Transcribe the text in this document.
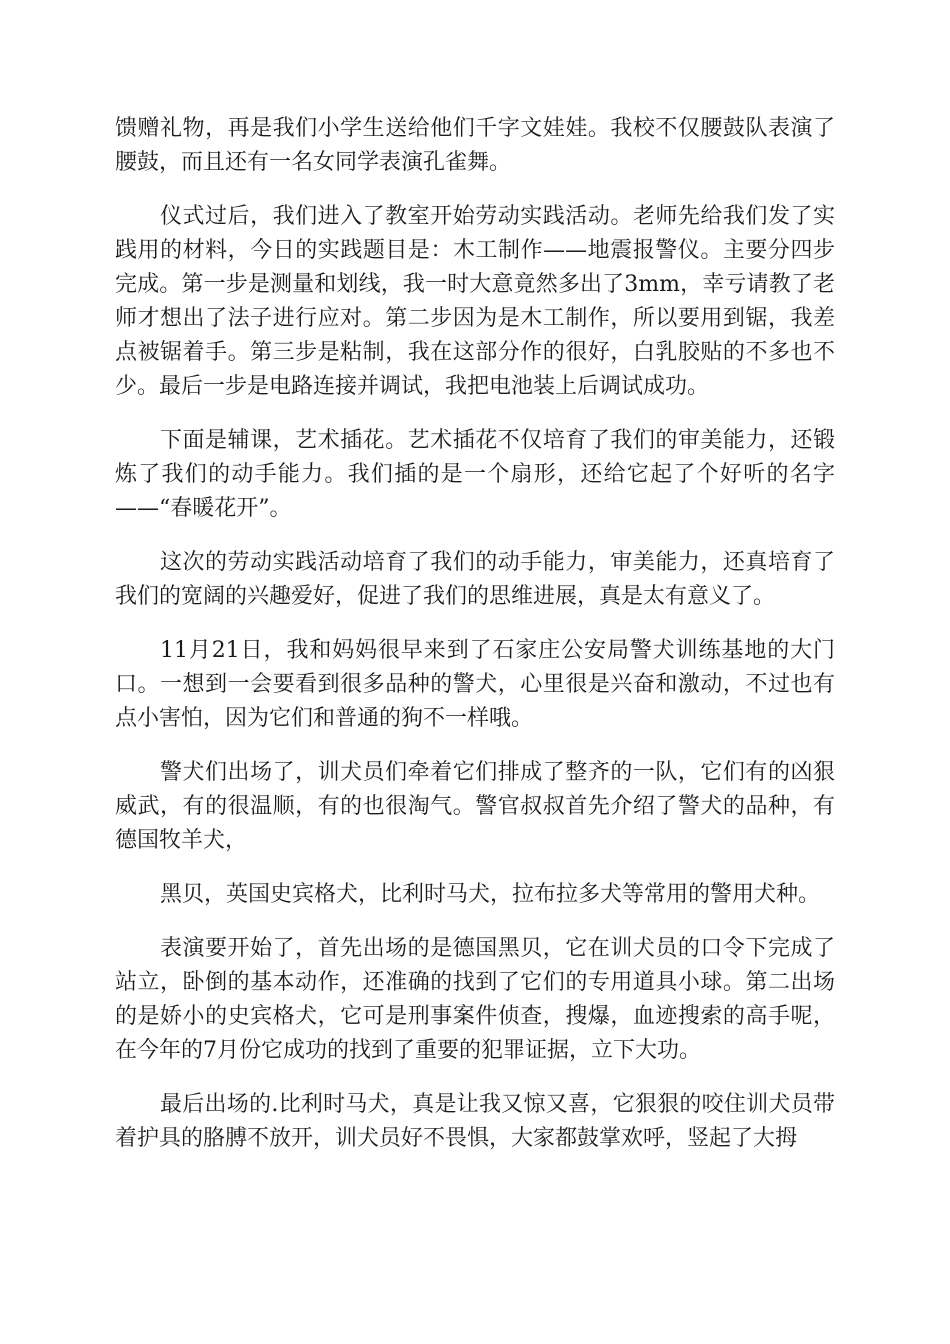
馈赠礼物，再是我们小学生送给他们千字文娃娃。我校不仅腰鼓队表演了腰鼓，而且还有一名女同学表演孔雀舞。

仪式过后，我们进入了教室开始劳动实践活动。老师先给我们发了实践用的材料，今日的实践题目是：木工制作——地震报警仪。主要分四步完成。第一步是测量和划线，我一时大意竟然多出了3mm，幸亏请教了老师才想出了法子进行应对。第二步因为是木工制作，所以要用到锯，我差点被锯着手。第三步是粘制，我在这部分作的很好，白乳胶贴的不多也不少。最后一步是电路连接并调试，我把电池装上后调试成功。

下面是辅课，艺术插花。艺术插花不仅培育了我们的审美能力，还锻炼了我们的动手能力。我们插的是一个扇形，还给它起了个好听的名字——“春暖花开”。

这次的劳动实践活动培育了我们的动手能力，审美能力，还真培育了我们的宽阔的兴趣爱好，促进了我们的思维进展，真是太有意义了。

11月21日，我和妈妈很早来到了石家庄公安局警犬训练基地的大门口。一想到一会要看到很多品种的警犬，心里很是兴奋和激动，不过也有点小害怕，因为它们和普通的狗不一样哦。

警犬们出场了，训犬员们牵着它们排成了整齐的一队，它们有的凶狠威武，有的很温顺，有的也很淘气。警官叔叔首先介绍了警犬的品种，有德国牧羊犬，

黑贝，英国史宾格犬，比利时马犬，拉布拉多犬等常用的警用犬种。

表演要开始了，首先出场的是德国黑贝，它在训犬员的口令下完成了站立，卧倒的基本动作，还准确的找到了它们的专用道具小球。第二出场的是娇小的史宾格犬，它可是刑事案件侦查，搜爆，血迹搜索的高手呢，在今年的7月份它成功的找到了重要的犯罪证据，立下大功。

最后出场的.比利时马犬，真是让我又惊又喜，它狠狠的咬住训犬员带着护具的胳膊不放开，训犬员好不畏惧，大家都鼓掌欢呼，竖起了大拇
